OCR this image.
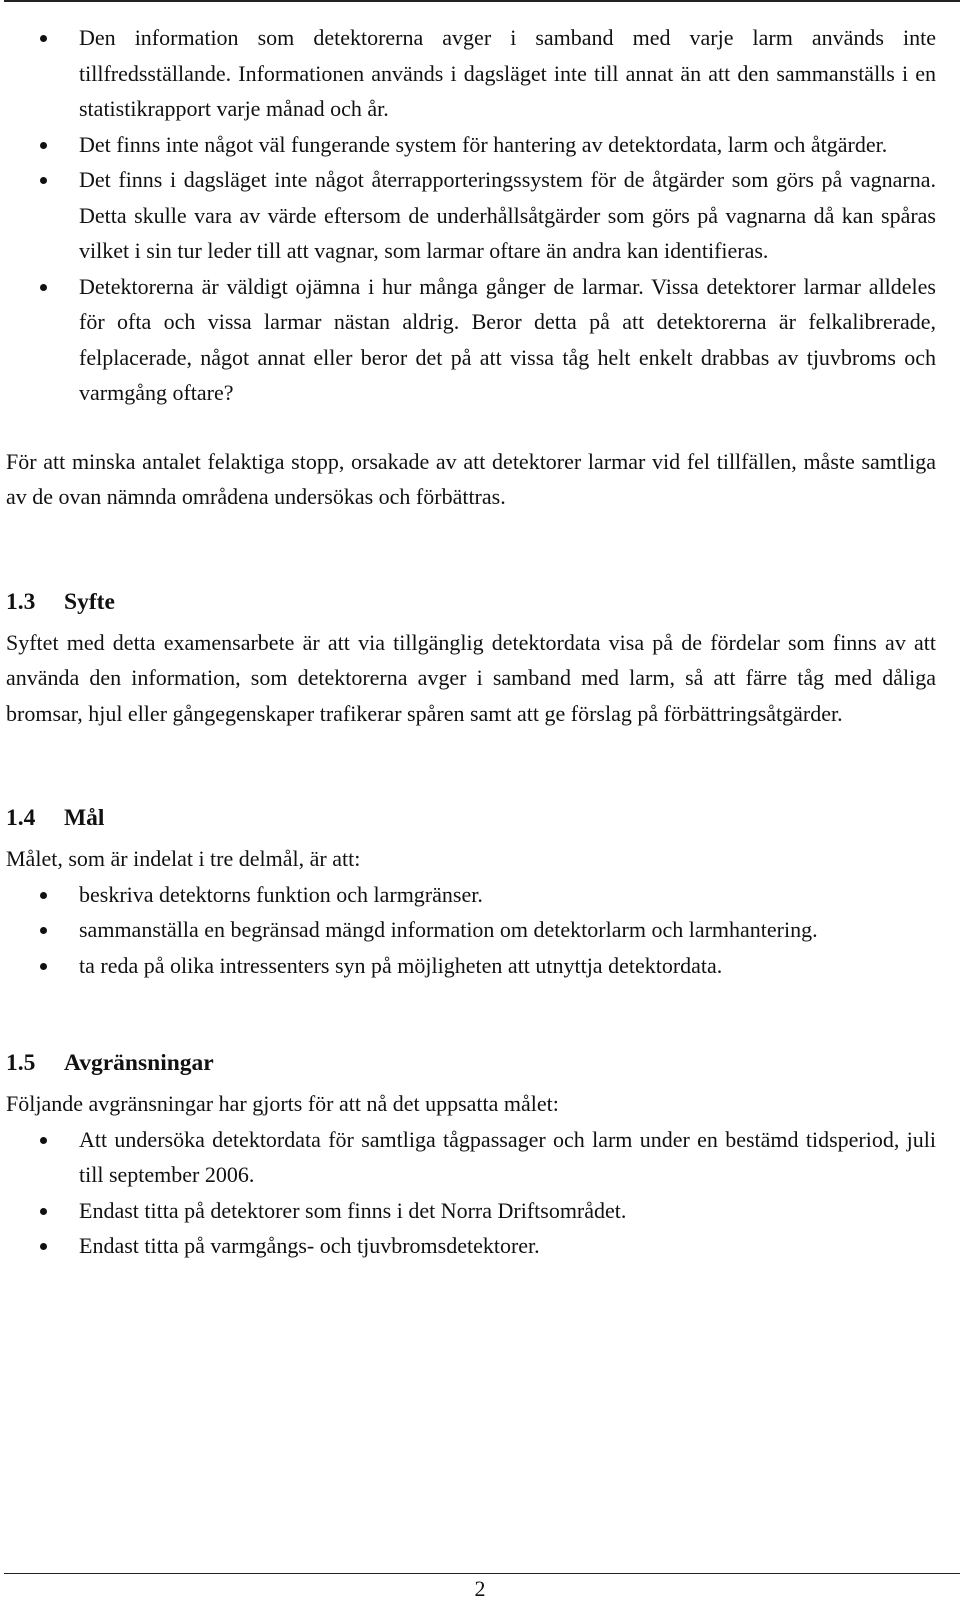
Den information som detektorerna avger i samband med varje larm används inte tillfredsställande. Informationen används i dagsläget inte till annat än att den sammanställs i en statistikrapport varje månad och år.
Det finns inte något väl fungerande system för hantering av detektordata, larm och åtgärder.
Det finns i dagsläget inte något återrapporteringssystem för de åtgärder som görs på vagnarna. Detta skulle vara av värde eftersom de underhållsåtgärder som görs på vagnarna då kan spåras vilket i sin tur leder till att vagnar, som larmar oftare än andra kan identifieras.
Detektorerna är väldigt ojämna i hur många gånger de larmar. Vissa detektorer larmar alldeles för ofta och vissa larmar nästan aldrig. Beror detta på att detektorerna är felkalibrerade, felplacerade, något annat eller beror det på att vissa tåg helt enkelt drabbas av tjuvbroms och varmgång oftare?

För att minska antalet felaktiga stopp, orsakade av att detektorer larmar vid fel tillfällen, måste samtliga av de ovan nämnda områdena undersökas och förbättras.

1.3 Syfte

Syftet med detta examensarbete är att via tillgänglig detektordata visa på de fördelar som finns av att använda den information, som detektorerna avger i samband med larm, så att färre tåg med dåliga bromsar, hjul eller gångegenskaper trafikerar spåren samt att ge förslag på förbättringsåtgärder.

1.4 Mål

Målet, som är indelat i tre delmål, är att:

beskriva detektorns funktion och larmgränser.
sammanställa en begränsad mängd information om detektorlarm och larmhantering.
ta reda på olika intressenters syn på möjligheten att utnyttja detektordata.
1.5 Avgränsningar

Följande avgränsningar har gjorts för att nå det uppsatta målet:

Att undersöka detektordata för samtliga tågpassager och larm under en bestämd tidsperiod, juli till september 2006.
Endast titta på detektorer som finns i det Norra Driftsområdet.
Endast titta på varmgångs- och tjuvbromsdetektorer.
2
